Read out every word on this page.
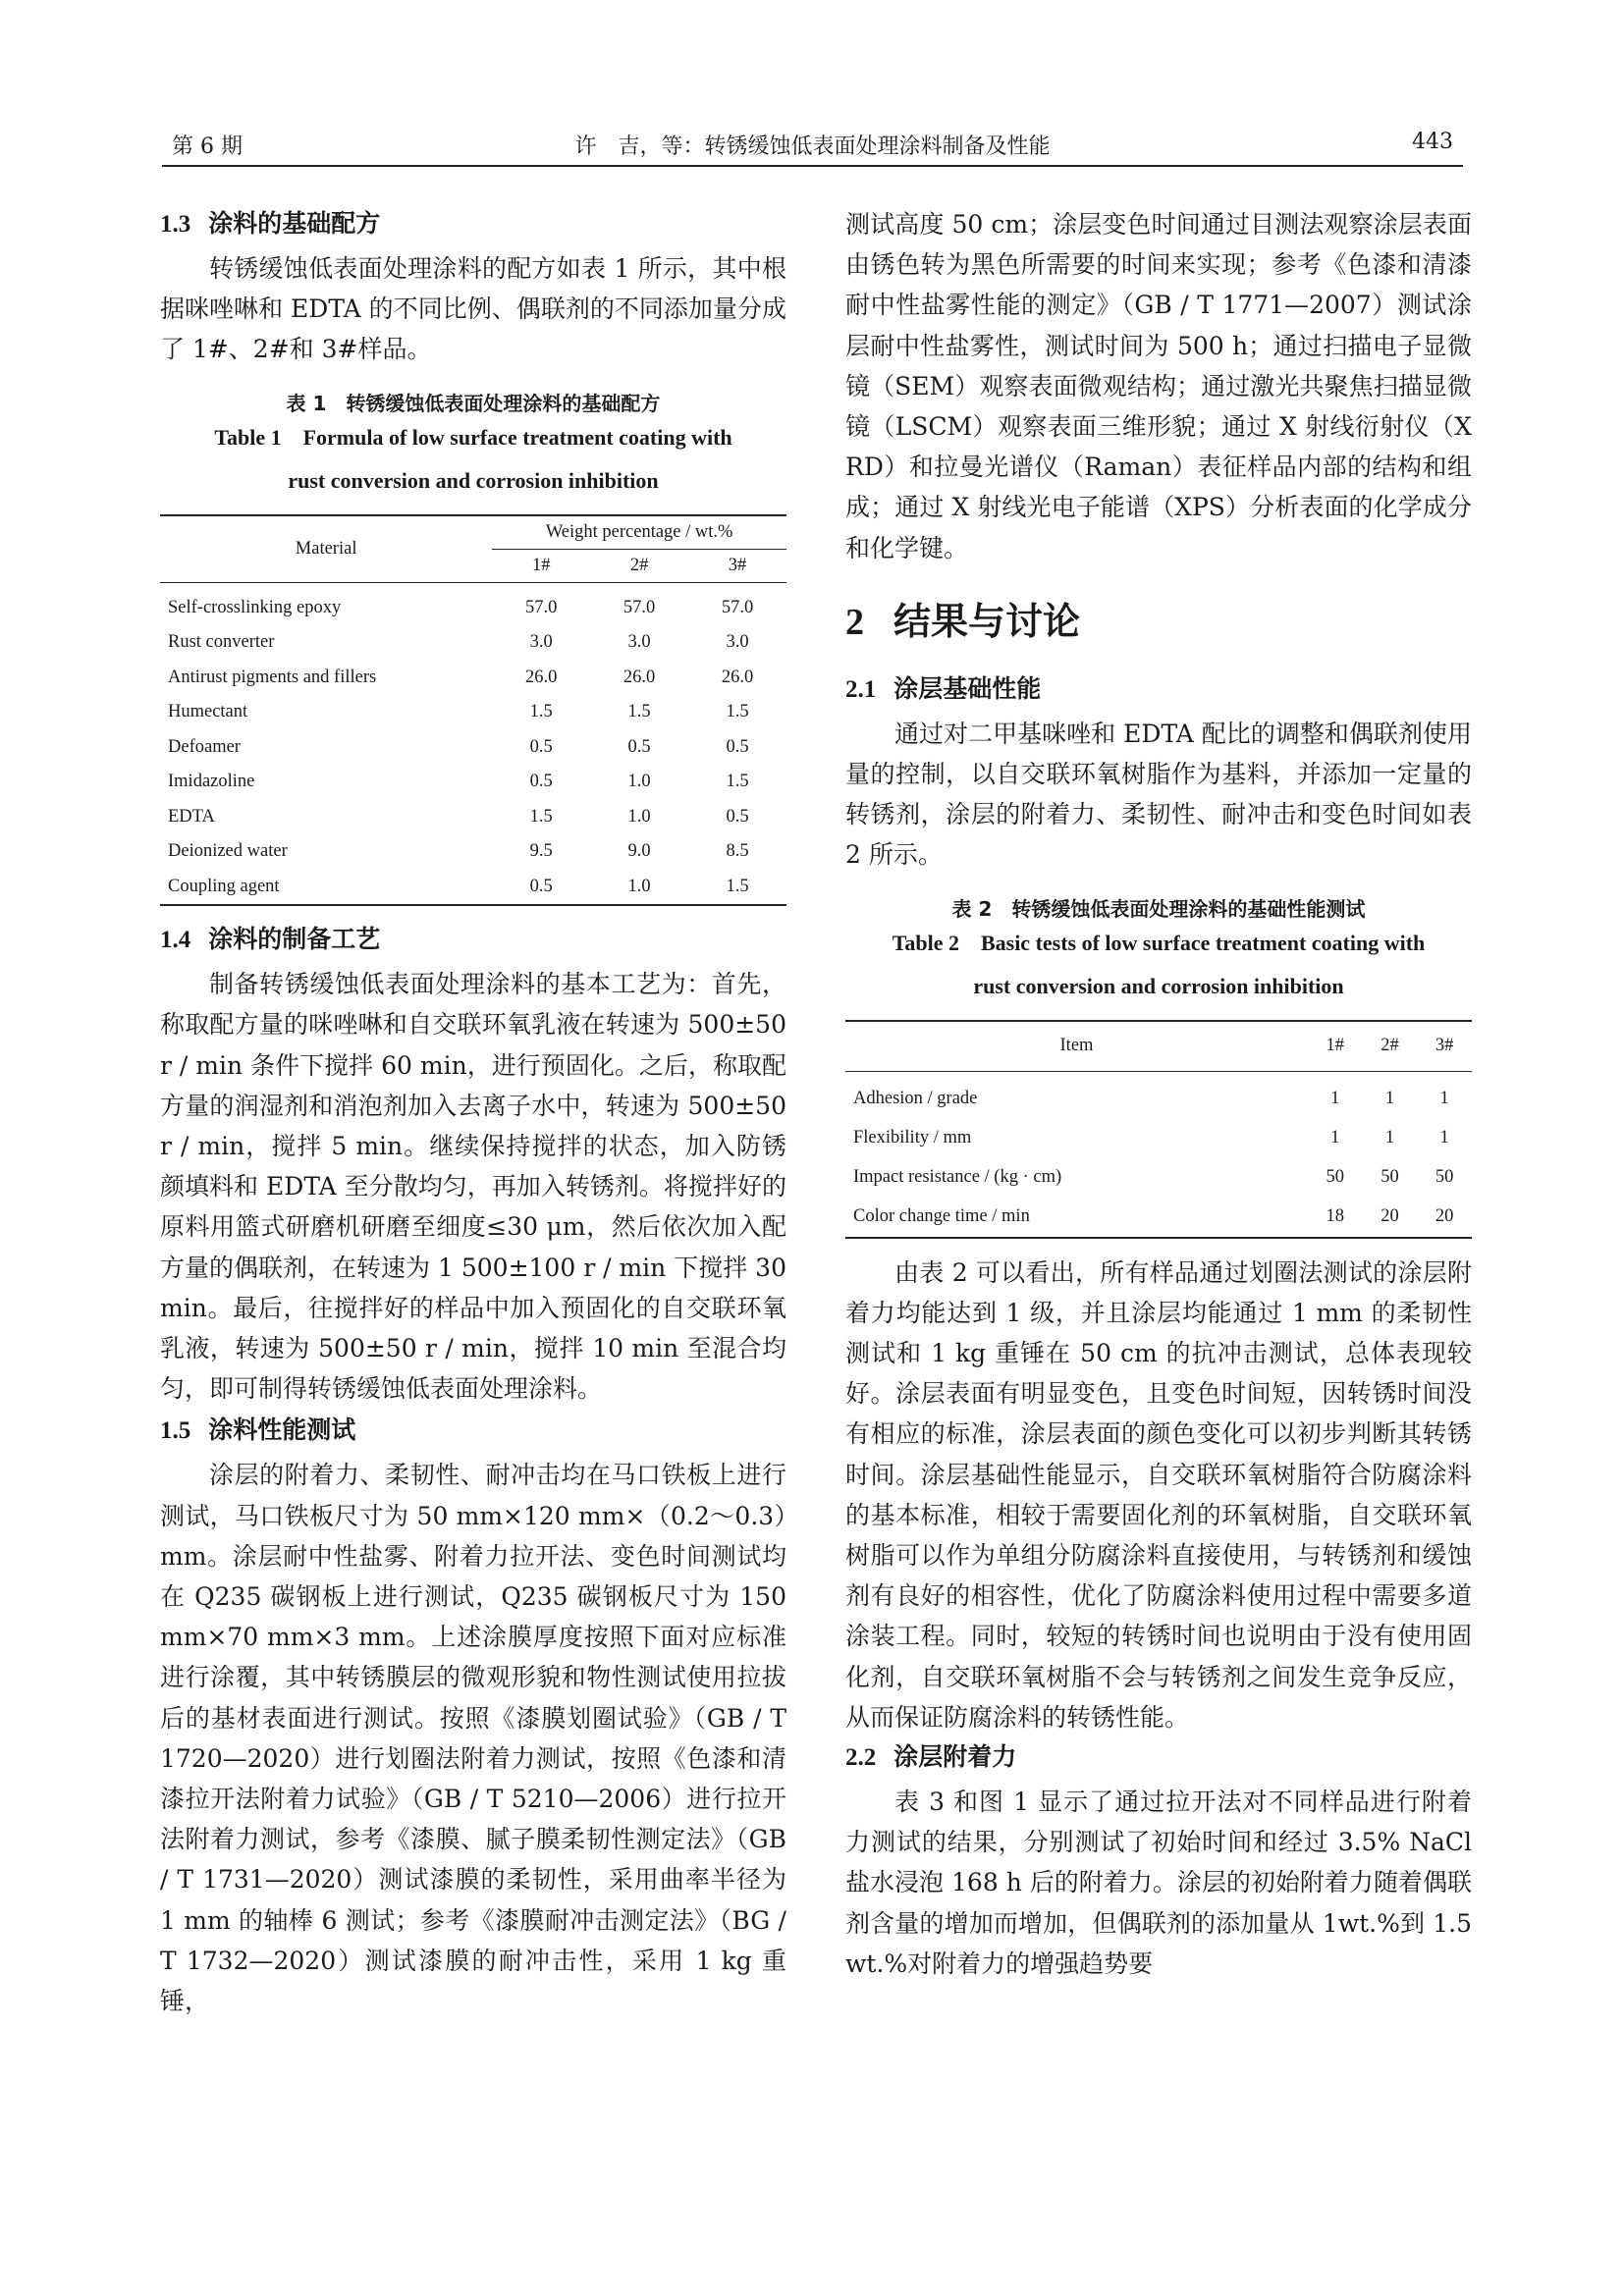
第 6 期	许　吉，等：转锈缓蚀低表面处理涂料制备及性能	443
1.3 涂料的基础配方

转锈缓蚀低表面处理涂料的配方如表 1 所示，其中根据咪唑啉和 EDTA 的不同比例、偶联剂的不同添加量分成了 1#、2#和 3#样品。

表 1　转锈缓蚀低表面处理涂料的基础配方
Table 1　Formula of low surface treatment coating with
rust conversion and corrosion inhibition
Material	Weight percentage / wt.%		
	1#	2#	3#
Self-crosslinking epoxy	57.0	57.0	57.0
Rust converter	3.0	3.0	3.0
Antirust pigments and fillers	26.0	26.0	26.0
Humectant	1.5	1.5	1.5
Defoamer	0.5	0.5	0.5
Imidazoline	0.5	1.0	1.5
EDTA	1.5	1.0	0.5
Deionized water	9.5	9.0	8.5
Coupling agent	0.5	1.0	1.5
1.4 涂料的制备工艺

制备转锈缓蚀低表面处理涂料的基本工艺为：首先，称取配方量的咪唑啉和自交联环氧乳液在转速为 500±50 r / min 条件下搅拌 60 min，进行预固化。之后，称取配方量的润湿剂和消泡剂加入去离子水中，转速为 500±50 r / min，搅拌 5 min。继续保持搅拌的状态，加入防锈颜填料和 EDTA 至分散均匀，再加入转锈剂。将搅拌好的原料用篮式研磨机研磨至细度≤30 μm，然后依次加入配方量的偶联剂，在转速为 1 500±100 r / min 下搅拌 30 min。最后，往搅拌好的样品中加入预固化的自交联环氧乳液，转速为 500±50 r / min，搅拌 10 min 至混合均匀，即可制得转锈缓蚀低表面处理涂料。

1.5 涂料性能测试

涂层的附着力、柔韧性、耐冲击均在马口铁板上进行测试，马口铁板尺寸为 50 mm×120 mm×（0.2～0.3）mm。涂层耐中性盐雾、附着力拉开法、变色时间测试均在 Q235 碳钢板上进行测试，Q235 碳钢板尺寸为 150 mm×70 mm×3 mm。上述涂膜厚度按照下面对应标准进行涂覆，其中转锈膜层的微观形貌和物性测试使用拉拔后的基材表面进行测试。按照《漆膜划圈试验》（GB / T 1720—2020）进行划圈法附着力测试，按照《色漆和清漆拉开法附着力试验》（GB / T 5210—2006）进行拉开法附着力测试，参考《漆膜、腻子膜柔韧性测定法》（GB / T 1731—2020）测试漆膜的柔韧性，采用曲率半径为 1 mm 的轴棒 6 测试；参考《漆膜耐冲击测定法》（BG / T 1732—2020）测试漆膜的耐冲击性，采用 1 kg 重锤，

测试高度 50 cm；涂层变色时间通过目测法观察涂层表面由锈色转为黑色所需要的时间来实现；参考《色漆和清漆耐中性盐雾性能的测定》（GB / T 1771—2007）测试涂层耐中性盐雾性，测试时间为 500 h；通过扫描电子显微镜（SEM）观察表面微观结构；通过激光共聚焦扫描显微镜（LSCM）观察表面三维形貌；通过 X 射线衍射仪（XRD）和拉曼光谱仪（Raman）表征样品内部的结构和组成；通过 X 射线光电子能谱（XPS）分析表面的化学成分和化学键。

2 结果与讨论
2.1 涂层基础性能

通过对二甲基咪唑和 EDTA 配比的调整和偶联剂使用量的控制，以自交联环氧树脂作为基料，并添加一定量的转锈剂，涂层的附着力、柔韧性、耐冲击和变色时间如表 2 所示。

表 2　转锈缓蚀低表面处理涂料的基础性能测试
Table 2　Basic tests of low surface treatment coating with
rust conversion and corrosion inhibition
Item	1#	2#	3#
Adhesion / grade	1	1	1
Flexibility / mm	1	1	1
Impact resistance / (kg · cm)	50	50	50
Color change time / min	18	20	20

由表 2 可以看出，所有样品通过划圈法测试的涂层附着力均能达到 1 级，并且涂层均能通过 1 mm 的柔韧性测试和 1 kg 重锤在 50 cm 的抗冲击测试，总体表现较好。涂层表面有明显变色，且变色时间短，因转锈时间没有相应的标准，涂层表面的颜色变化可以初步判断其转锈时间。涂层基础性能显示，自交联环氧树脂符合防腐涂料的基本标准，相较于需要固化剂的环氧树脂，自交联环氧树脂可以作为单组分防腐涂料直接使用，与转锈剂和缓蚀剂有良好的相容性，优化了防腐涂料使用过程中需要多道涂装工程。同时，较短的转锈时间也说明由于没有使用固化剂，自交联环氧树脂不会与转锈剂之间发生竞争反应，从而保证防腐涂料的转锈性能。

2.2 涂层附着力

表 3 和图 1 显示了通过拉开法对不同样品进行附着力测试的结果，分别测试了初始时间和经过 3.5% NaCl 盐水浸泡 168 h 后的附着力。涂层的初始附着力随着偶联剂含量的增加而增加，但偶联剂的添加量从 1wt.%到 1.5wt.%对附着力的增强趋势要
